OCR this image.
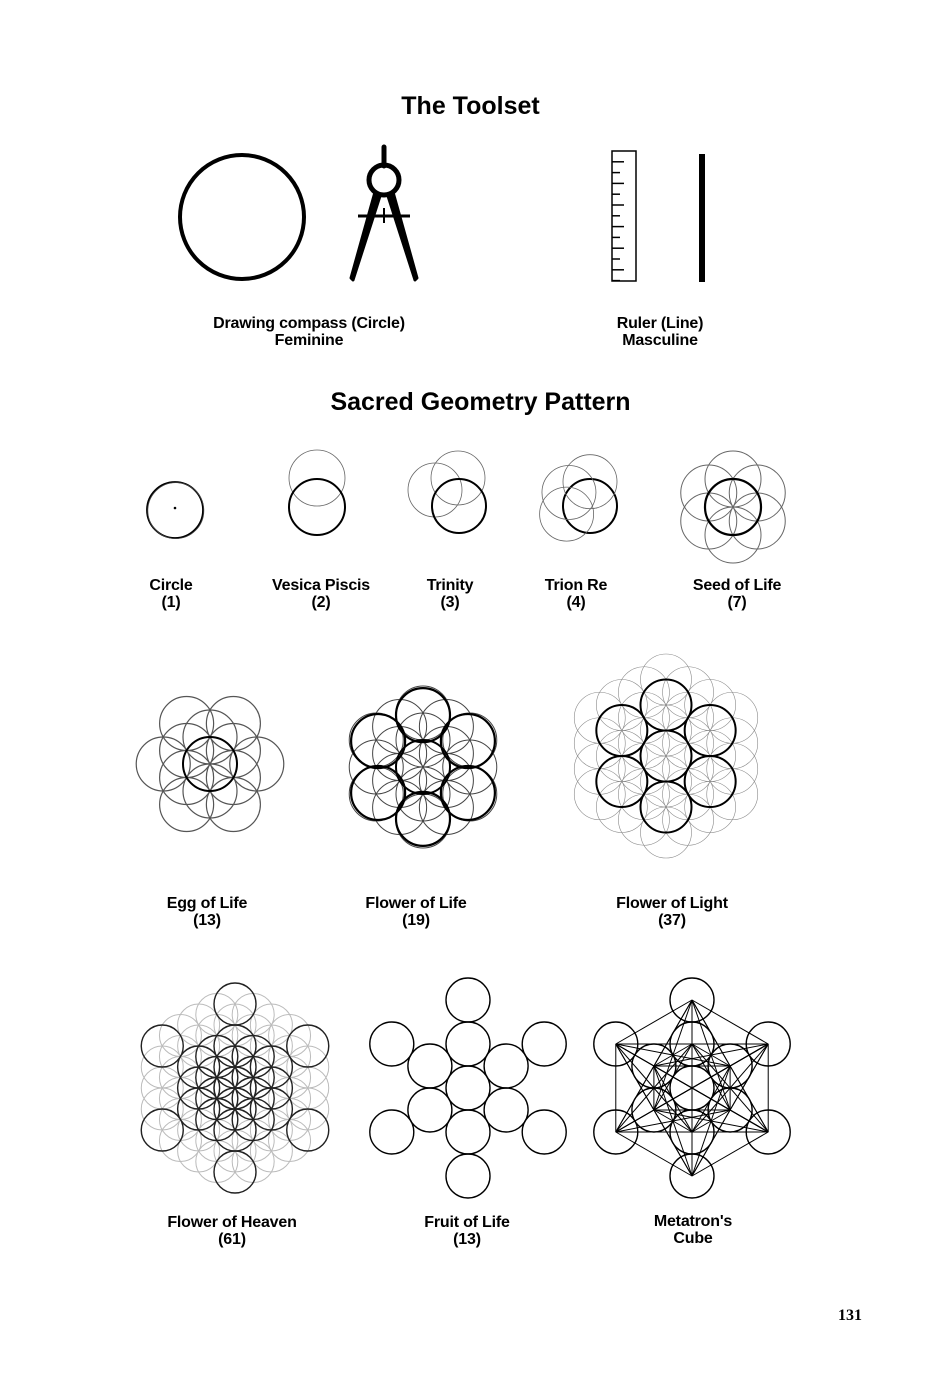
The Toolset
Sacred Geometry Pattern
Drawing compass (Circle)
Feminine
Ruler (Line)
Masculine
Circle
(1)
Vesica Piscis
(2)
Trinity
(3)
Trion Re
(4)
Seed of Life
(7)
Egg of Life
(13)
Flower of Life
(19)
Flower of Light
(37)
Flower of Heaven
(61)
Fruit of Life
(13)
Metatron's
Cube
131
